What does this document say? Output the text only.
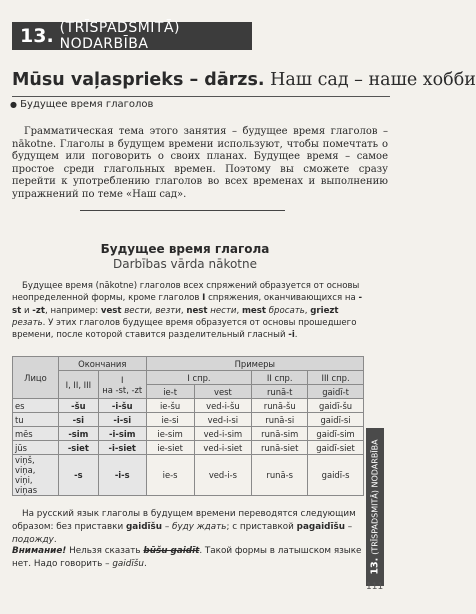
13. (TRĪSPADSMITĀ) NODARBĪBA
Mūsu vaļasprieks – dārzs. Наш сад – наше хобби
● Будущее время глаголов
Грамматическая тема этого занятия – будущее время глаголов – nākotne. Глаголы в будущем времени используют, чтобы помечтать о будущем или поговорить о своих планах. Будущее время – самое простое среди глагольных времен. Поэтому вы сможете сразу перейти к употреблению глаголов во всех временах и выполнению упражнений по теме «Наш сад».
Будущее время глагола
Darbības vārda nākotne
Будущее время (nākotne) глаголов всех спряжений образуется от основы неопределенной формы, кроме глаголов I спряжения, оканчивающихся на -st и -zt, например: vest вести, везти, nest нести, mest бросать, griezt резать. У этих глаголов будущее время образуется от основы прошедшего времени, после которой ставится разделительный гласный -i.
Лицо	Окончания		Примеры			
	I, II, III	I
на -st, -zt	I спр.		II спр.	III спр.
			ie-t	vest	runā-t	gaidī-t
es	-šu	-i-šu	ie-šu	ved-i-šu	runā-šu	gaidī-šu
tu	-si	-i-si	ie-si	ved-i-si	runā-si	gaidī-si
mēs	-sim	-i-sim	ie-sim	ved-i-sim	runā-sim	gaidī-sim
jūs	-siet	-i-siet	ie-siet	ved-i-siet	runā-siet	gaidī-siet
viņš, viņa,
viņi, viņas	-s	-i-s	ie-s	ved-i-s	runā-s	gaidī-s
На русский язык глаголы в будущем времени переводятся следующим образом: без приставки gaidīšu – буду ждать; с приставкой pagaidīšu – подожду.
Внимание! Нельзя сказать būšu gaidīt. Такой формы в латышском языке нет. Надо говорить – gaidīšu.	13.(TRĪSPADSMITĀ) NODARBĪBA
111
